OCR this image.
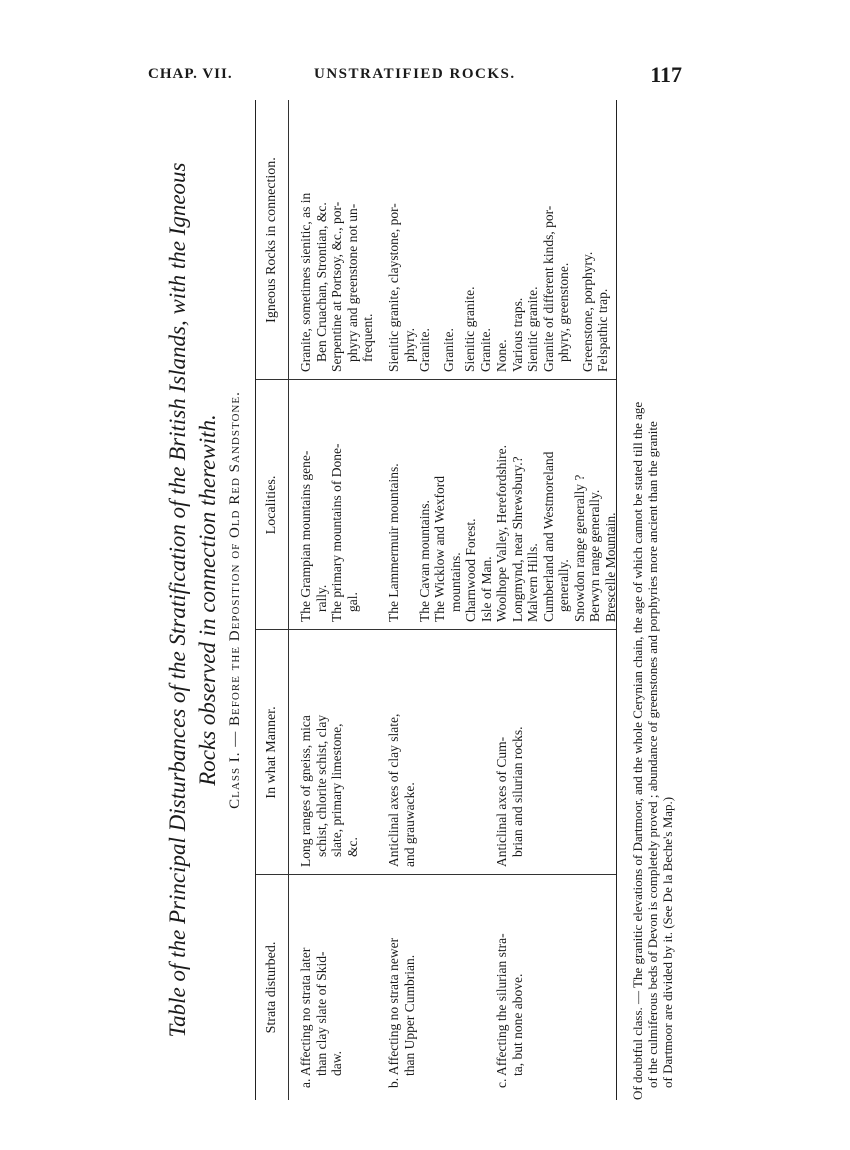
CHAP. VII.	UNSTRATIFIED ROCKS.	117
Table of the Principal Disturbances of the Stratification of the British Islands, with the Igneous Rocks observed in connection therewith. Class I. — Before the Deposition of Old Red Sandstone.
Strata disturbed.
In what Manner.
Localities.
Igneous Rocks in connection.
a. Affecting no strata later than clay slate of Skid- daw.
Long ranges of gneiss, mica schist, chlorite schist, clay slate, primary limestone, &c.
The Grampian mountains gene- rally. The primary mountains of Done- gal.
Granite, sometimes sienitic, as in Ben Cruachan, Strontian, &c. Serpentine at Portsoy, &c., por- phyry and greenstone not un- frequent.
b. Affecting no strata newer than Upper Cumbrian.
Anticlinal axes of clay slate, and grauwacke.
The Lammermuir mountains. The Cavan mountains. The Wicklow and Wexford mountains. Charnwood Forest. Isle of Man.
Sienitic granite, claystone, por- phyry. Granite. Granite. Sienitic granite. Granite.
c. Affecting the silurian stra- ta, but none above.
Anticlinal axes of Cum- brian and silurian rocks.
Woolhope Valley, Herefordshire. Longmynd, near Shrewsbury.? Malvern Hills. Cumberland and Westmoreland generally. Snowdon range generally ? Berwyn range generally. Brescelle Mountain.
None. Various traps. Sienitic granite. Granite of different kinds, por- phyry, greenstone. Greenstone, porphyry. Felspathic trap.
Of doubtful class. — The granitic elevations of Dartmoor, and the whole Cerynian chain, the age of which cannot be stated till the age of the culmiferous beds of Devon is completely proved ; abundance of greenstones and porphyries more ancient than the granite of Dartmoor are divided by it. (See De la Beche's Map.)
